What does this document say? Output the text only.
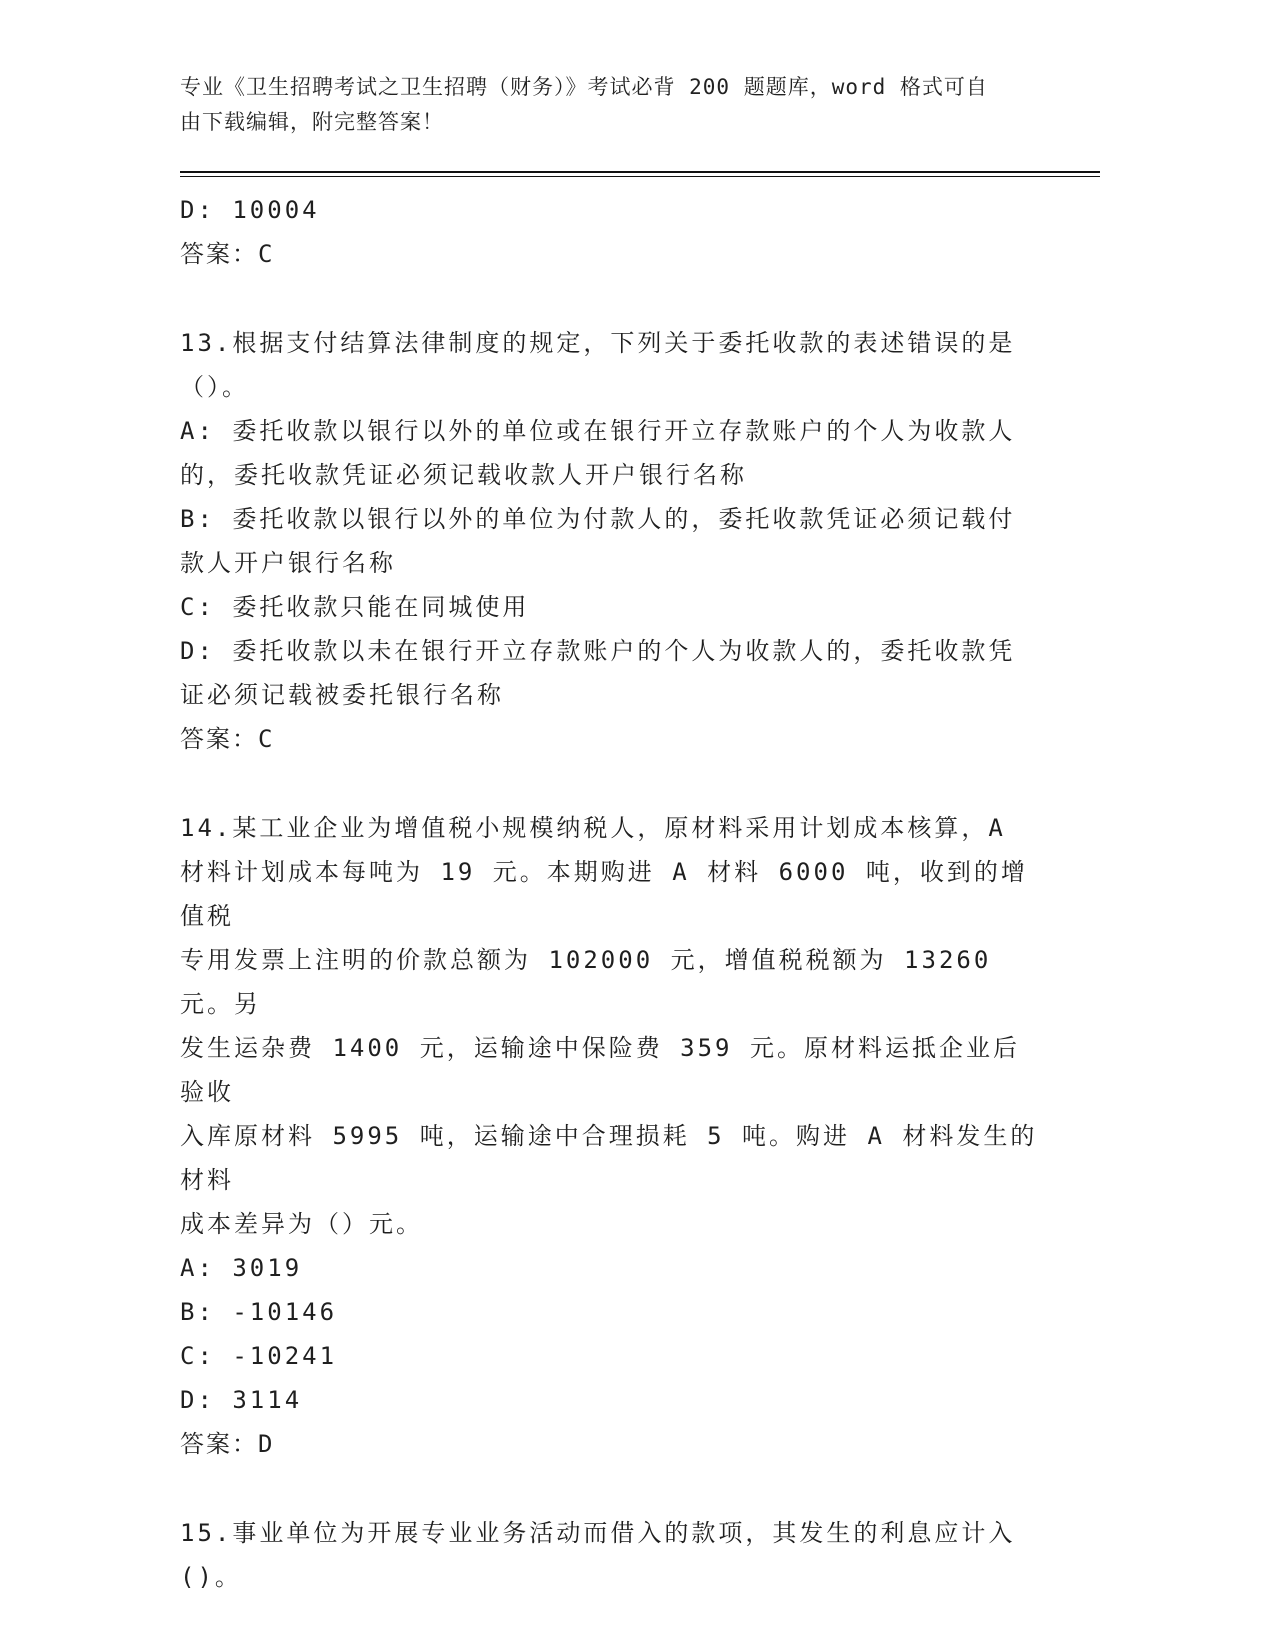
专业《卫生招聘考试之卫生招聘（财务）》考试必背 200 题题库，word 格式可自
由下载编辑，附完整答案！
D: 10004
答案：C
13.根据支付结算法律制度的规定，下列关于委托收款的表述错误的是
（）。
A: 委托收款以银行以外的单位或在银行开立存款账户的个人为收款人
的，委托收款凭证必须记载收款人开户银行名称
B: 委托收款以银行以外的单位为付款人的，委托收款凭证必须记载付
款人开户银行名称
C: 委托收款只能在同城使用
D: 委托收款以未在银行开立存款账户的个人为收款人的，委托收款凭
证必须记载被委托银行名称
答案：C
14.某工业企业为增值税小规模纳税人，原材料采用计划成本核算，A
材料计划成本每吨为 19 元。本期购进 A 材料 6000 吨，收到的增值税
专用发票上注明的价款总额为 102000 元，增值税税额为 13260 元。另
发生运杂费 1400 元，运输途中保险费 359 元。原材料运抵企业后验收
入库原材料 5995 吨，运输途中合理损耗 5 吨。购进 A 材料发生的材料
成本差异为（）元。
A: 3019
B: -10146
C: -10241
D: 3114
答案：D
15.事业单位为开展专业业务活动而借入的款项，其发生的利息应计入
()。
